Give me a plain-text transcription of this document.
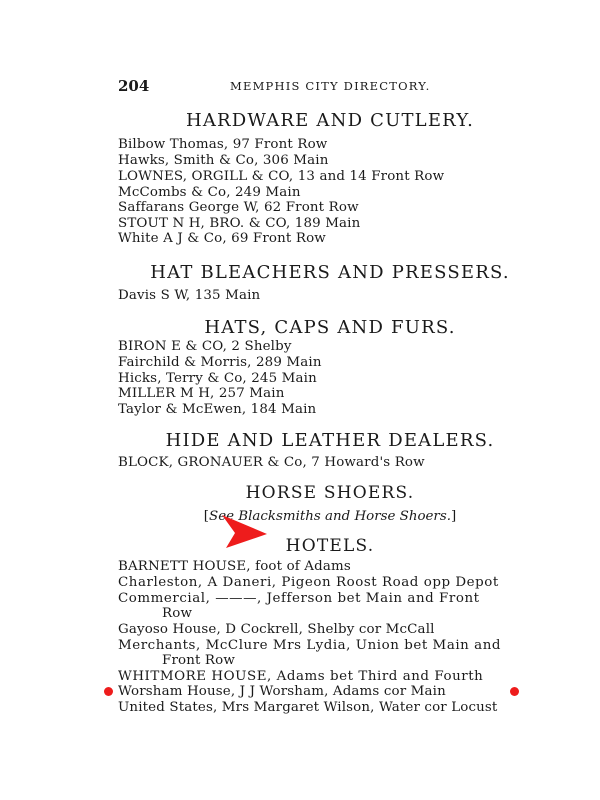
204	MEMPHIS CITY DIRECTORY.
HARDWARE AND CUTLERY.
Bilbow Thomas, 97 Front Row
Hawks, Smith & Co, 306 Main
LOWNES, ORGILL & CO, 13 and 14 Front Row
McCombs & Co, 249 Main
Saffarans George W, 62 Front Row
STOUT N H, BRO. & CO, 189 Main
White A J & Co, 69 Front Row
HAT BLEACHERS AND PRESSERS.
Davis S W, 135 Main
HATS, CAPS AND FURS.
BIRON E & CO, 2 Shelby
Fairchild & Morris, 289 Main
Hicks, Terry & Co, 245 Main
MILLER M H, 257 Main
Taylor & McEwen, 184 Main
HIDE AND LEATHER DEALERS.
BLOCK, GRONAUER & Co, 7 Howard's Row
HORSE SHOERS.
[See Blacksmiths and Horse Shoers.]
HOTELS.
BARNETT HOUSE, foot of Adams
Charleston, A Daneri, Pigeon Roost Road opp Depot
Commercial, ———, Jefferson bet Main and Front
Row
Gayoso House, D Cockrell, Shelby cor McCall
Merchants, McClure Mrs Lydia, Union bet Main and
Front Row
WHITMORE HOUSE, Adams bet Third and Fourth
Worsham House, J J Worsham, Adams cor Main
United States, Mrs Margaret Wilson, Water cor Locust
